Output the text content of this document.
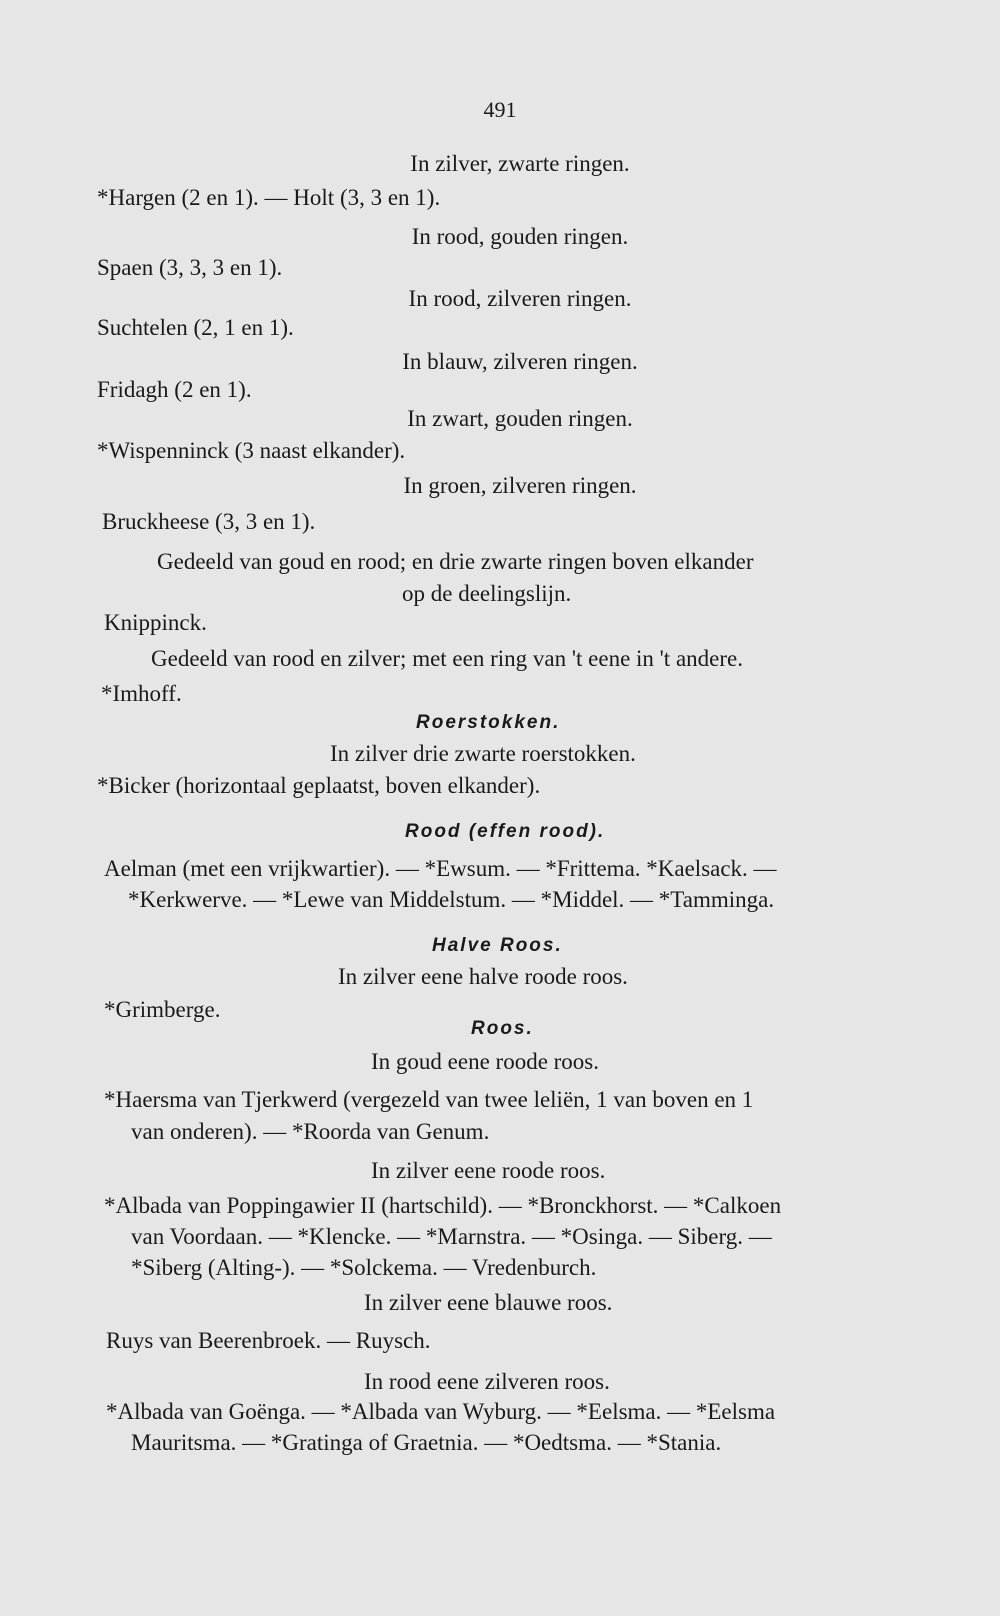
491
In zilver, zwarte ringen.
*Hargen (2 en 1). — Holt (3, 3 en 1).
In rood, gouden ringen.
Spaen (3, 3, 3 en 1).
In rood, zilveren ringen.
Suchtelen (2, 1 en 1).
In blauw, zilveren ringen.
Fridagh (2 en 1).
In zwart, gouden ringen.
*Wispenninck (3 naast elkander).
In groen, zilveren ringen.
Bruckheese (3, 3 en 1).
Gedeeld van goud en rood; en drie zwarte ringen boven elkander
op de deelingslijn.
Knippinck.
Gedeeld van rood en zilver; met een ring van 't eene in 't andere.
*Imhoff.
Roerstokken.
In zilver drie zwarte roerstokken.
*Bicker (horizontaal geplaatst, boven elkander).
Rood (effen rood).
Aelman (met een vrijkwartier). — *Ewsum. — *Frittema. *Kaelsack. —
*Kerkwerve. — *Lewe van Middelstum. — *Middel. — *Tamminga.
Halve Roos.
In zilver eene halve roode roos.
*Grimberge.
Roos.
In goud eene roode roos.
*Haersma van Tjerkwerd (vergezeld van twee leliën, 1 van boven en 1
van onderen). — *Roorda van Genum.
In zilver eene roode roos.
*Albada van Poppingawier II (hartschild). — *Bronckhorst. — *Calkoen
van Voordaan. — *Klencke. — *Marnstra. — *Osinga. — Siberg. —
*Siberg (Alting-). — *Solckema. — Vredenburch.
In zilver eene blauwe roos.
Ruys van Beerenbroek. — Ruysch.
In rood eene zilveren roos.
*Albada van Goënga. — *Albada van Wyburg. — *Eelsma. — *Eelsma
Mauritsma. — *Gratinga of Graetnia. — *Oedtsma. — *Stania.
